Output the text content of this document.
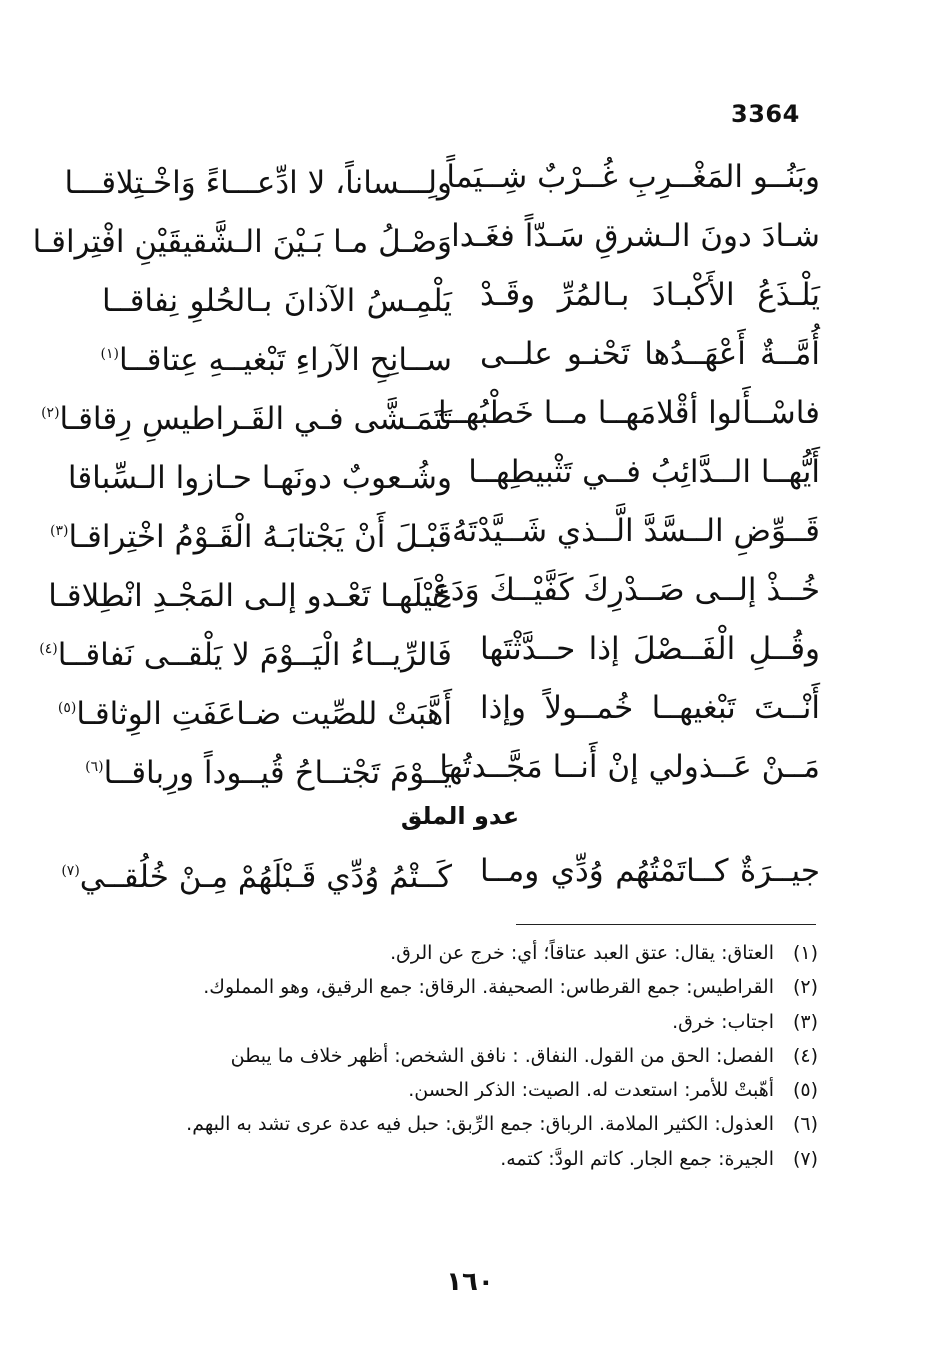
3364
وبَنُــو المَغْــرِبِ غُــرْبٌ شِــيَماً
ولِـــساناً، لا ادِّعـــاءً وَاخْـتِلاقـــا
شـادَ دونَ الـشرقِ سَـدّاً فغَـدا
وَصْـلُ مـا بَـيْنَ الـشَّقيقَيْنِ افْتِراقـا
يَلْـذَعُ الأَكْبـادَ بـالمُرِّ وقَـدْ
يَلْمِـسُ الآذانَ بـالحُلوِ نِفاقــا
أُمَّــةٌ أَعْهَــدُها تَحْنـو علــى
ســانِحِ الآراءِ تَبْغيــهِ عِتاقــا$^{(١)}$
فاسْــأَلوا أقْلامَهــا مــا خَطْبُهــا
تَتَمَـشَّى فـي القَـراطيسِ رِقاقـا$^{(٢)}$
أَيُّهــا الــدَّائِبُ فــي تَثْبيطِهــا
وشُـعوبٌ دونَهـا حـازوا الـسِّباقا
قَــوِّضِ الــسَّدَّ الَّــذي شَــيَّدْتَهُ
قَبْـلَ أَنْ يَجْتابَـهُ الْقَـوْمُ اخْتِراقـا$^{(٣)}$
خُــذْ إلــى صَــدْرِكَ كَفَّيْــكَ وَدَعْ
خَيْلَهـا تَعْـدو إلـى المَجْـدِ انْطِلاقـا
وقُــلِ الْفَــصْلَ إذا حــدَّثْتَها
فَالرِّيــاءُ الْيَــوْمَ لا يَلْقــى نَفاقــا$^{(٤)}$
أَنْــتَ تَبْغيهــا خُمــولاً وإذا
أَهَّبَتْ للصِّيت ضـاعَفَتِ الوِثاقـا$^{(٥)}$
مَــنْ عَــذولي إنْ أَنــا مَجَّــدتُها
يَــوْمَ تَجْتــاحُ قُيــوداً ورِباقــا$^{(٦)}$
عدو الملق
جيــرَةٌ كــاتَمْتُهُم وُدِّي ومــا
كَــتْمُ وُدِّي قَـبْلَهُمْ مِـنْ خُلُقــي$^{(٧)}$
(١)العتاق: يقال: عتق العبد عتاقاً؛ أي: خرج عن الرق.
(٢)القراطيس: جمع القرطاس: الصحيفة. الرقاق: جمع الرقيق، وهو المملوك.
(٣)اجتاب: خرق.
(٤)الفصل: الحق من القول. النفاق. : نافق الشخص: أظهر خلاف ما يبطن
(٥)أهّبتْ للأمر: استعدت له. الصيت: الذكر الحسن.
(٦)العذول: الكثير الملامة. الرباق: جمع الرِّبق: حبل فيه عدة عرى تشد به البهم.
(٧)الجيرة: جمع الجار. كاتم الودَّ: كتمه.
١٦٠
